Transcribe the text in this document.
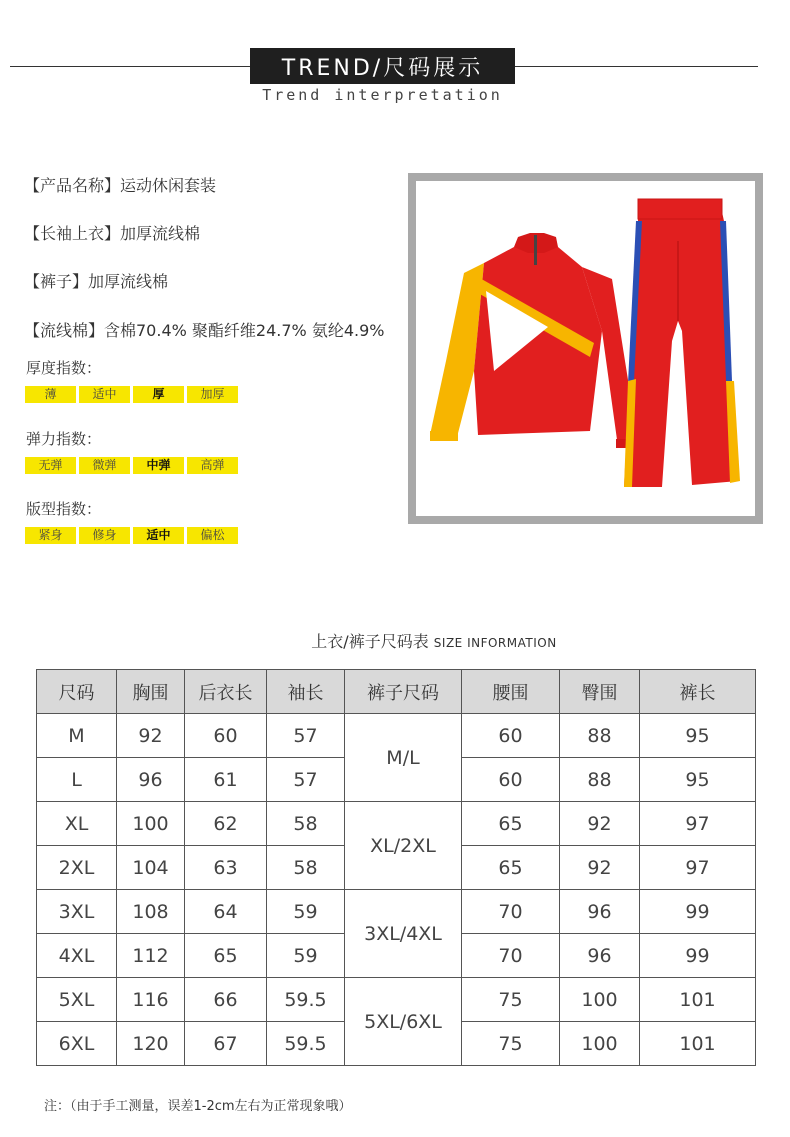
TREND/尺码展示
Trend interpretation
【产品名称】运动休闲套装
【长袖上衣】加厚流线棉
【裤子】加厚流线棉
【流线棉】含棉70.4% 聚酯纤维24.7% 氨纶4.9%
厚度指数：
薄	适中	厚	加厚
弹力指数：
无弹	微弹	中弹	高弹
版型指数：
紧身	修身	适中	偏松
上衣/裤子尺码表 SIZE INFORMATION
尺码	胸围	后衣长	袖长	裤子尺码	腰围	臀围	裤长
M	92	60	57	M/L	60	88	95
L	96	61	57		60	88	95
XL	100	62	58	XL/2XL	65	92	97
2XL	104	63	58		65	92	97
3XL	108	64	59	3XL/4XL	70	96	99
4XL	112	65	59		70	96	99
5XL	116	66	59.5	5XL/6XL	75	100	101
6XL	120	67	59.5		75	100	101
注：（由于手工测量，误差1-2cm左右为正常现象哦）
